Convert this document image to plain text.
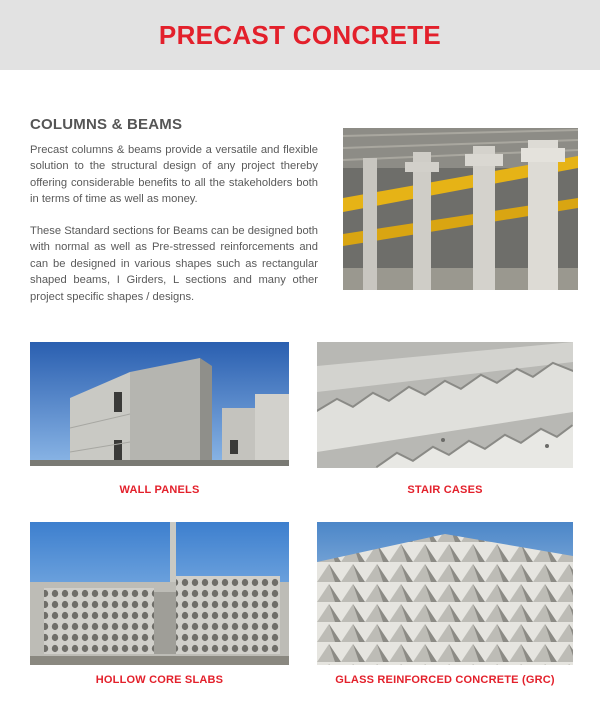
PRECAST CONCRETE
COLUMNS & BEAMS

Precast columns & beams provide a versatile and flexible solution to the structural design of any project thereby offering considerable benefits to all the stakeholders both in terms of time as well as money.

These Standard sections for Beams can be designed both with normal as well as Pre-stressed reinforcements and can be designed in various shapes such as rectangular shaped beams, I Girders, L sections and many other project specific shapes / designs.

WALL PANELS	STAIR CASES
HOLLOW CORE SLABS	GLASS REINFORCED CONCRETE (GRC)
